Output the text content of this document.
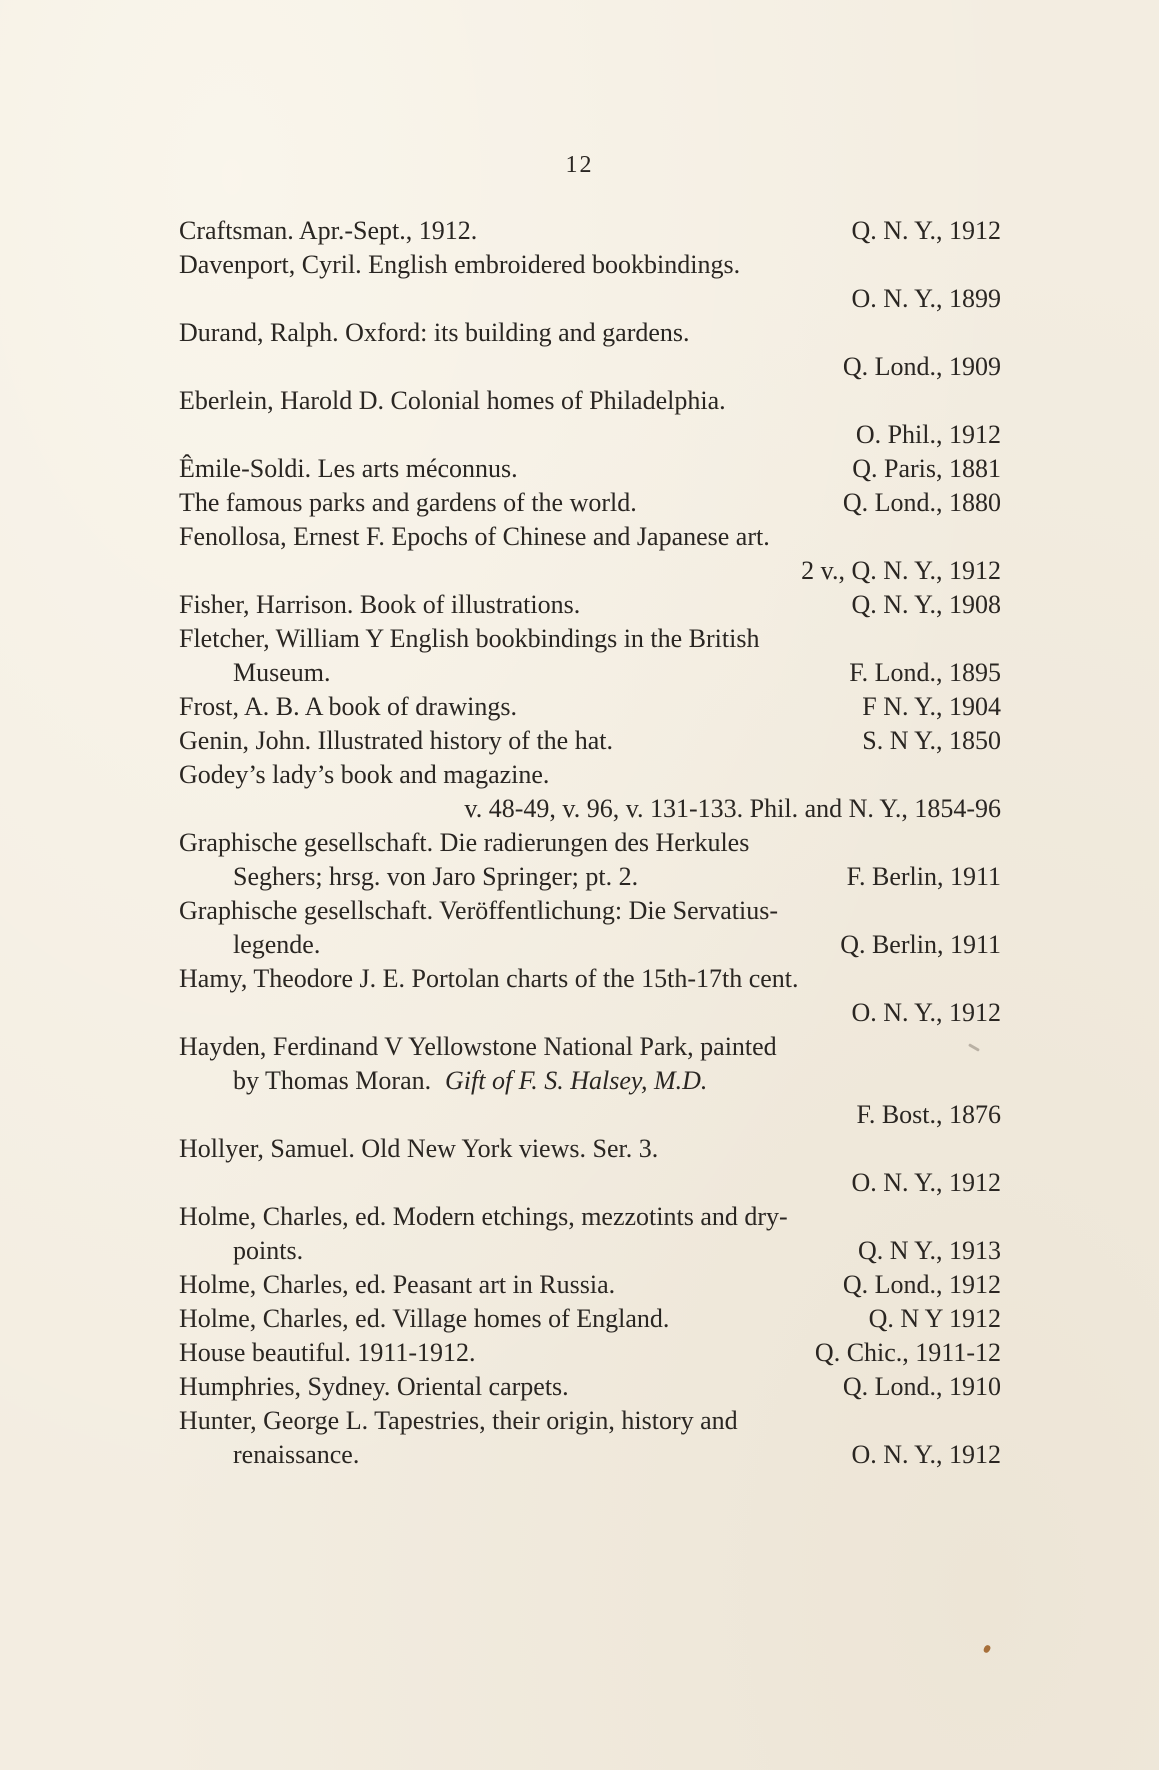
12
Craftsman. Apr.-Sept., 1912.	Q. N. Y., 1912
Davenport, Cyril. English embroidered bookbindings.
O. N. Y., 1899
Durand, Ralph. Oxford: its building and gardens.
Q. Lond., 1909
Eberlein, Harold D. Colonial homes of Philadelphia.
O. Phil., 1912
Êmile-Soldi. Les arts méconnus.	Q. Paris, 1881
The famous parks and gardens of the world.	Q. Lond., 1880
Fenollosa, Ernest F. Epochs of Chinese and Japanese art.
2 v., Q. N. Y., 1912
Fisher, Harrison. Book of illustrations.	Q. N. Y., 1908
Fletcher, William Y English bookbindings in the British
Museum.	F. Lond., 1895
Frost, A. B. A book of drawings.	F N. Y., 1904
Genin, John. Illustrated history of the hat.	S. N Y., 1850
Godey’s lady’s book and magazine.
v. 48-49, v. 96, v. 131-133. Phil. and N. Y., 1854-96
Graphische gesellschaft. Die radierungen des Herkules
Seghers; hrsg. von Jaro Springer; pt. 2.	F. Berlin, 1911
Graphische gesellschaft. Veröffentlichung: Die Servatius-
legende.	Q. Berlin, 1911
Hamy, Theodore J. E. Portolan charts of the 15th-17th cent.
O. N. Y., 1912
Hayden, Ferdinand V Yellowstone National Park, painted
by Thomas Moran. Gift of F. S. Halsey, M.D.
F. Bost., 1876
Hollyer, Samuel. Old New York views. Ser. 3.
O. N. Y., 1912
Holme, Charles, ed. Modern etchings, mezzotints and dry-
points.	Q. N Y., 1913
Holme, Charles, ed. Peasant art in Russia.	Q. Lond., 1912
Holme, Charles, ed. Village homes of England.	Q. N Y 1912
House beautiful. 1911-1912.	Q. Chic., 1911-12
Humphries, Sydney. Oriental carpets.	Q. Lond., 1910
Hunter, George L. Tapestries, their origin, history and
renaissance.	O. N. Y., 1912
